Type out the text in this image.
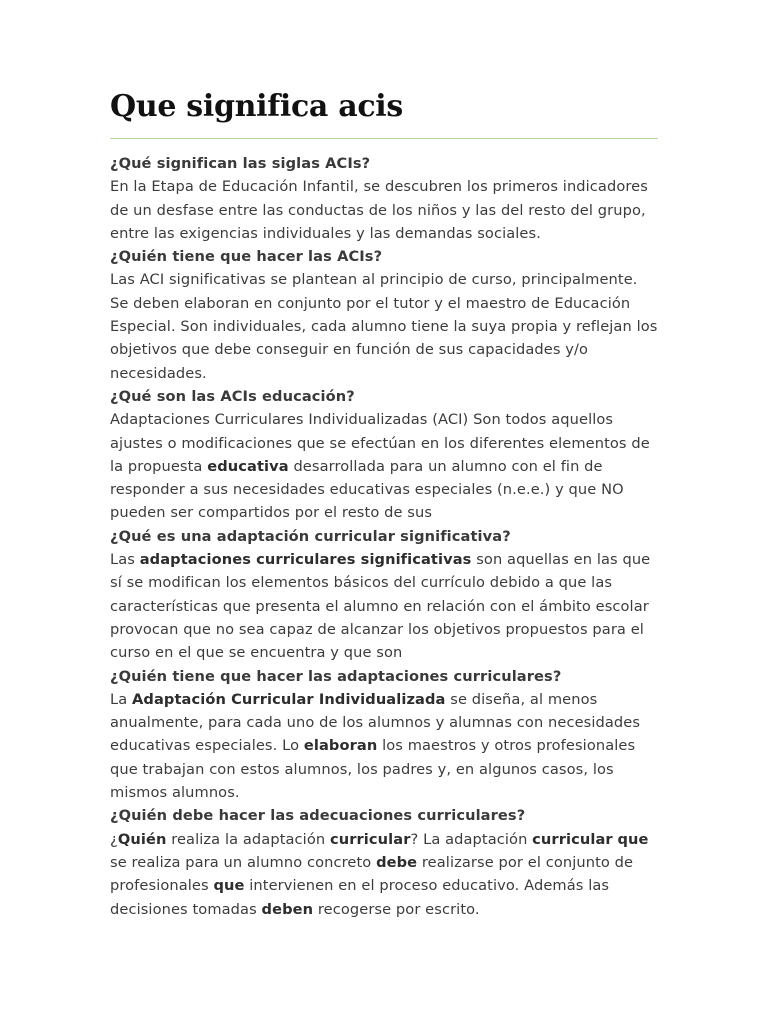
Que significa acis
¿Qué significan las siglas ACIs?
En la Etapa de Educación Infantil, se descubren los primeros indicadores de un desfase entre las conductas de los niños y las del resto del grupo, entre las exigencias individuales y las demandas sociales.
¿Quién tiene que hacer las ACIs?
Las ACI significativas se plantean al principio de curso, principalmente. Se deben elaboran en conjunto por el tutor y el maestro de Educación Especial. Son individuales, cada alumno tiene la suya propia y reflejan los objetivos que debe conseguir en función de sus capacidades y/o necesidades.
¿Qué son las ACIs educación?
Adaptaciones Curriculares Individualizadas (ACI) Son todos aquellos ajustes o modificaciones que se efectúan en los diferentes elementos de la propuesta educativa desarrollada para un alumno con el fin de responder a sus necesidades educativas especiales (n.e.e.) y que NO pueden ser compartidos por el resto de sus
¿Qué es una adaptación curricular significativa?
Las adaptaciones curriculares significativas son aquellas en las que sí se modifican los elementos básicos del currículo debido a que las características que presenta el alumno en relación con el ámbito escolar provocan que no sea capaz de alcanzar los objetivos propuestos para el curso en el que se encuentra y que son
¿Quién tiene que hacer las adaptaciones curriculares?
La Adaptación Curricular Individualizada se diseña, al menos anualmente, para cada uno de los alumnos y alumnas con necesidades educativas especiales. Lo elaboran los maestros y otros profesionales que trabajan con estos alumnos, los padres y, en algunos casos, los mismos alumnos.
¿Quién debe hacer las adecuaciones curriculares?
¿Quién realiza la adaptación curricular? La adaptación curricular que se realiza para un alumno concreto debe realizarse por el conjunto de profesionales que intervienen en el proceso educativo. Además las decisiones tomadas deben recogerse por escrito.
